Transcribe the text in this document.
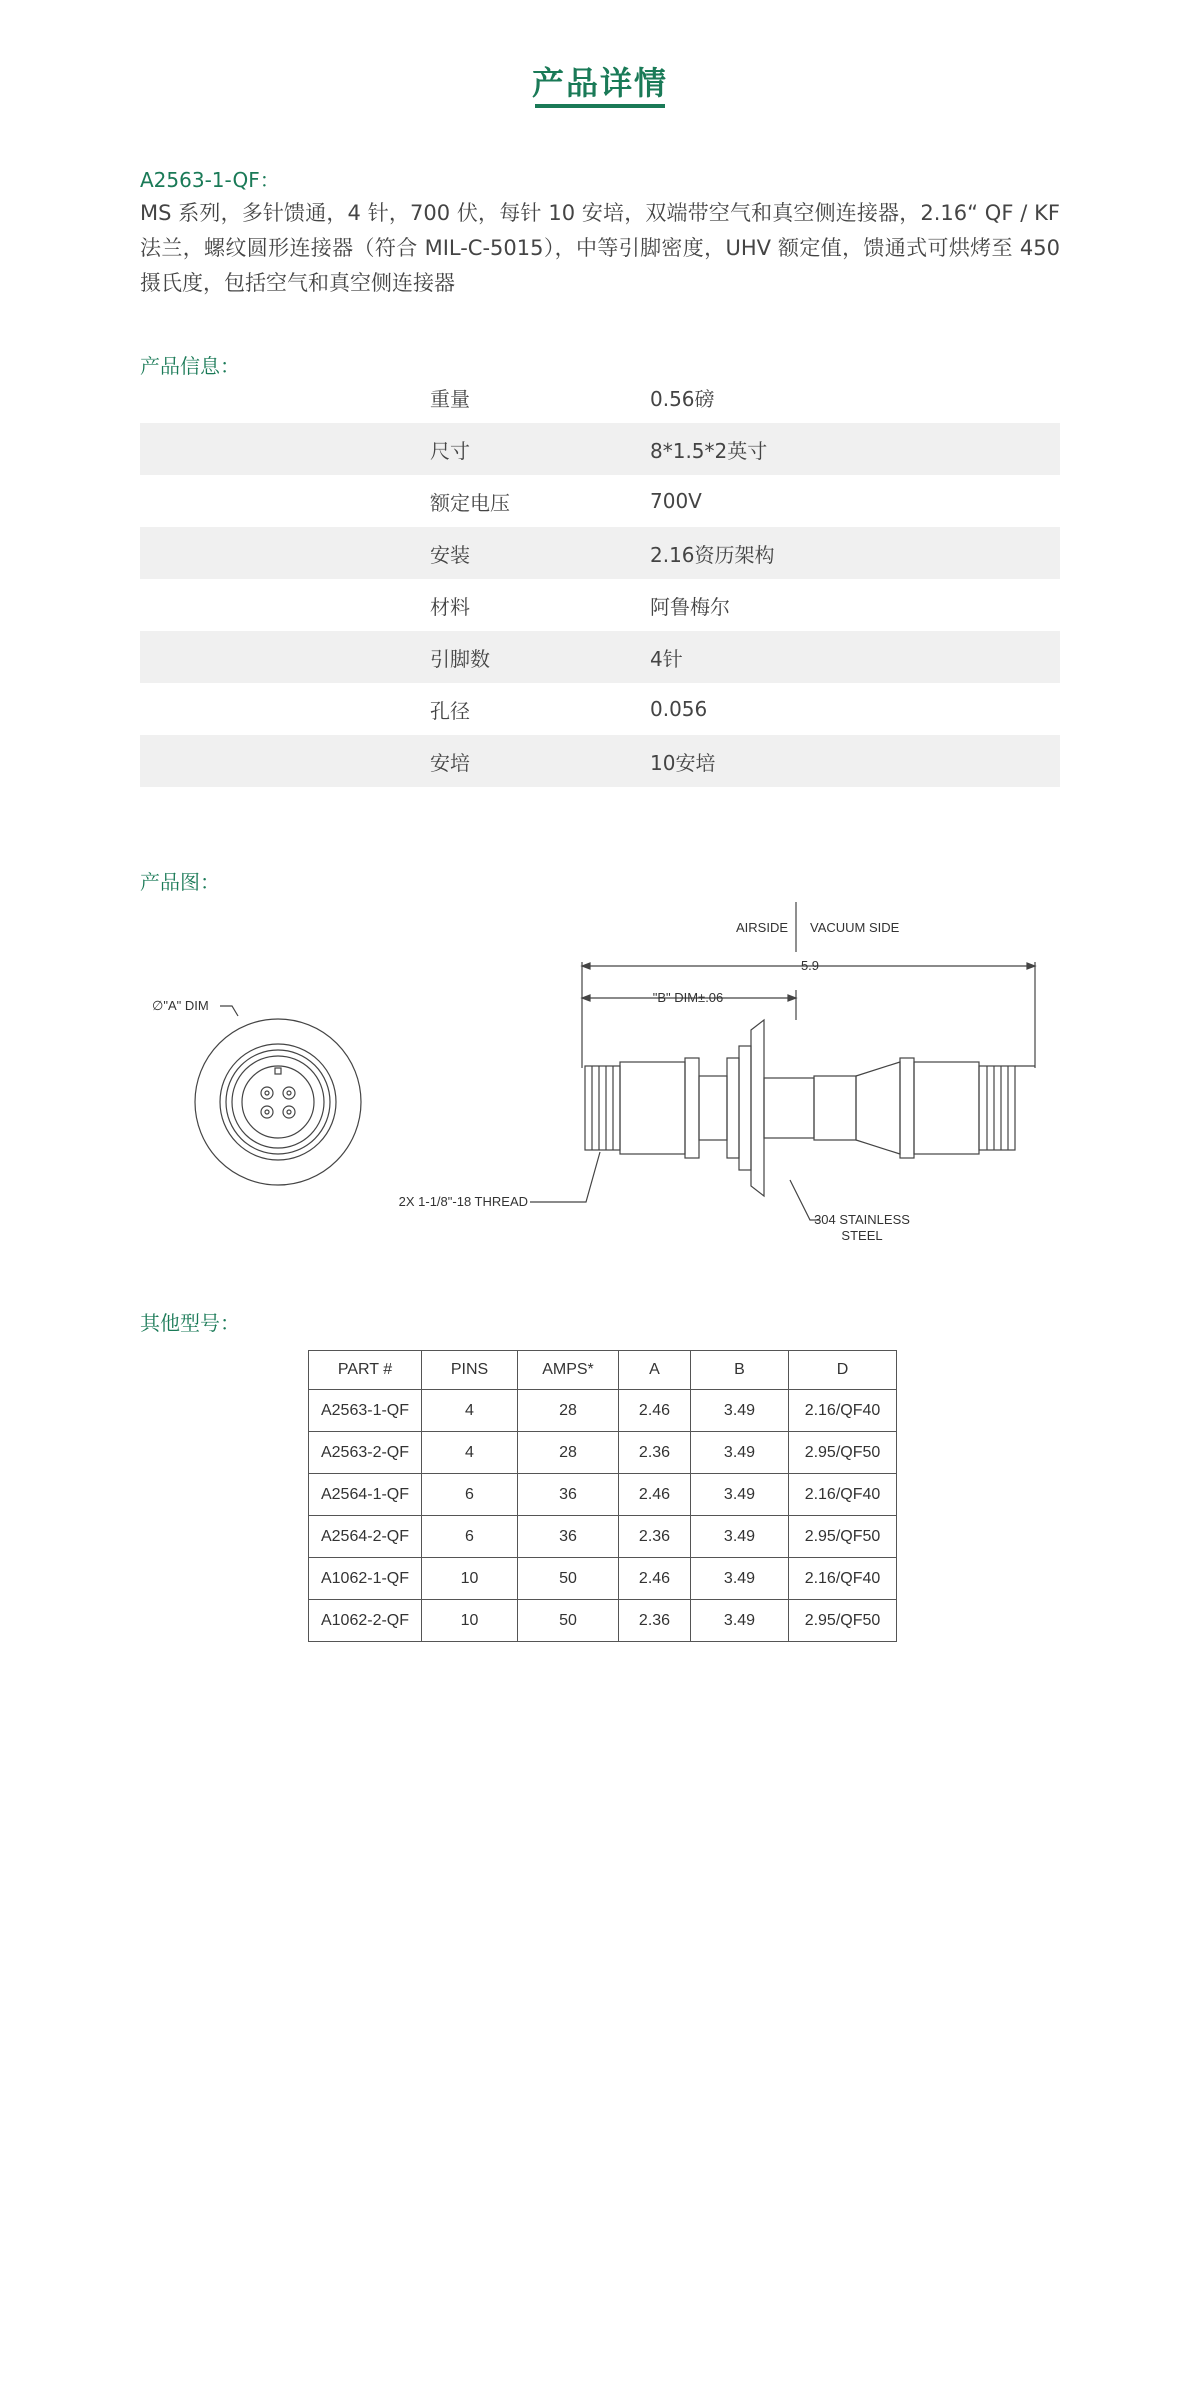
产品详情
A2563-1-QF：

MS 系列，多针馈通，4 针，700 伏，每针 10 安培，双端带空气和真空侧连接器，2.16“ QF / KF 法兰，螺纹圆形连接器（符合 MIL-C-5015），中等引脚密度，UHV 额定值，馈通式可烘烤至 450 摄氏度，包括空气和真空侧连接器

产品信息：
重量	0.56磅
尺寸	8*1.5*2英寸
额定电压	700V
安装	2.16资历架构
材料	阿鲁梅尔
引脚数	4针
孔径	0.056
安培	10安培
产品图：
∅"A" DIM
AIRSIDE VACUUM SIDE
5.9
"B" DIM±.06
2X 1-1/8"-18 THREAD
304 STAINLESS
STEEL
其他型号：
PART #	PINS	AMPS*	A	B	D
A2563-1-QF	4	28	2.46	3.49	2.16/QF40
A2563-2-QF	4	28	2.36	3.49	2.95/QF50
A2564-1-QF	6	36	2.46	3.49	2.16/QF40
A2564-2-QF	6	36	2.36	3.49	2.95/QF50
A1062-1-QF	10	50	2.46	3.49	2.16/QF40
A1062-2-QF	10	50	2.36	3.49	2.95/QF50
